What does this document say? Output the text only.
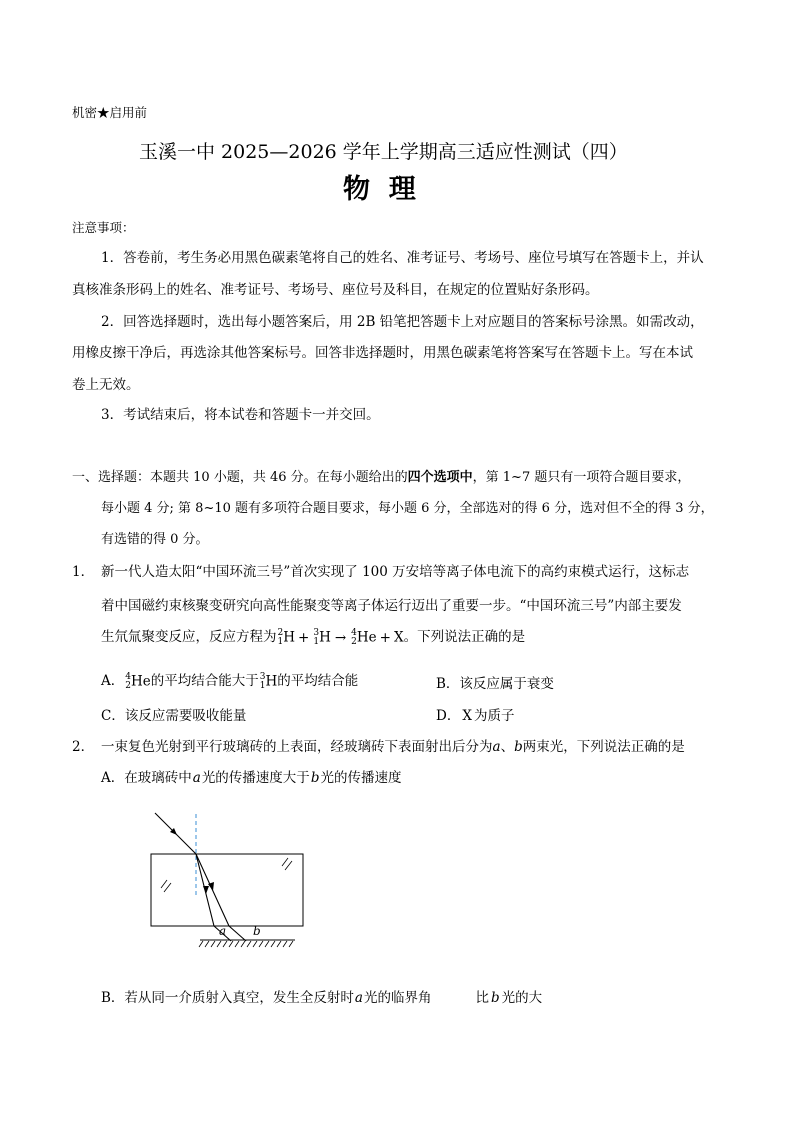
机密★启用前
玉溪一中 2025—2026 学年上学期高三适应性测试（四）
物  理
注意事项：
1．答卷前，考生务必用黑色碳素笔将自己的姓名、准考证号、考场号、座位号填写在答题卡上，并认
真核准条形码上的姓名、准考证号、考场号、座位号及科目，在规定的位置贴好条形码。
2．回答选择题时，选出每小题答案后，用 2B 铅笔把答题卡上对应题目的答案标号涂黑。如需改动，
用橡皮擦干净后，再选涂其他答案标号。回答非选择题时，用黑色碳素笔将答案写在答题卡上。写在本试
卷上无效。
3．考试结束后，将本试卷和答题卡一并交回。
一、选择题：本题共 10 小题，共 46 分。在每小题给出的四个选项中，第 1~7 题只有一项符合题目要求，
每小题 4 分; 第 8~10 题有多项符合题目要求，每小题 6 分，全部选对的得 6 分，选对但不全的得 3 分，
有选错的得 0 分。
1． 新一代人造太阳“中国环流三号”首次实现了 100 万安培等离子体电流下的高约束模式运行，这标志
着中国磁约束核聚变研究向高性能聚变等离子体运行迈出了重要一步。“中国环流三号”内部主要发
生氘氚聚变反应，反应方程为 2
1 H + 3
1 H → 4
2 He + X。下列说法正确的是
A． 4
2 He的平均结合能大于 3
1 H的平均结合能	B．该反应属于衰变
C．该反应需要吸收能量	D． X 为质子
2． 一束复色光射到平行玻璃砖的上表面，经玻璃砖下表面射出后分为a、b两束光，下列说法正确的是
A．在玻璃砖中a光的传播速度大于b光的传播速度
a b
B．若从同一介质射入真空，发生全反射时a光的临界角	比 b 光的大
